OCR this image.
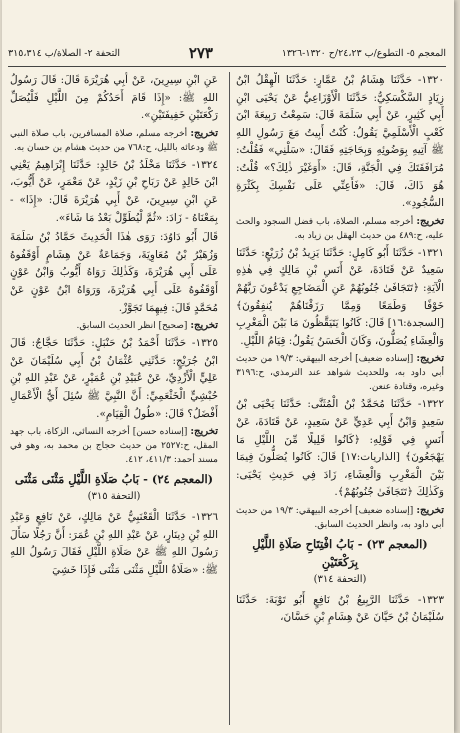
المعجم ٥- التطوع/ب ٢٤،٢٣/ح ١٣٢٠-١٣٢٦
٢٧٣
التحفة ٢- الصلاة/ب ٣١٥،٣١٤

١٣٢٠- حَدَّثَنَا هِشَامُ بْنُ عَمَّارٍ: حَدَّثَنَا الْهِقْلُ ابْنُ زِيَادٍ السَّكْسَكِيُّ: حَدَّثَنَا الْأَوْزَاعِيُّ عَنْ يَحْيَى ابْنِ أَبِي كَثِيرٍ، عَنْ أَبِي سَلَمَةَ قَالَ: سَمِعْتُ رَبِيعَةَ ابْنَ كَعْبٍ الْأَسْلَمِيَّ يَقُولُ: كُنْتُ أَبِيتُ مَعَ رَسُولِ اللهِ ﷺ آتِيهِ بِوَضُوئِهِ وَبِحَاجَتِهِ فَقَالَ: «سَلْنِي» فَقُلْتُ: مُرَافَقَتَكَ فِي الْجَنَّةِ، قَالَ: «أَوَغَيْرَ ذٰلِكَ؟» قُلْتُ: هُوَ ذَاكَ، قَالَ: «فَأَعِنِّي عَلَى نَفْسِكَ بِكَثْرَةِ السُّجُودِ».

تخريج: أخرجه مسلم، الصلاة، باب فضل السجود والحث عليه، ح:٤٨٩ من حديث الهقل بن زياد به.

١٣٢١- حَدَّثَنَا أَبُو كَامِلٍ: حَدَّثَنَا يَزِيدُ بْنُ زُرَيْعٍ: حَدَّثَنَا سَعِيدٌ عَنْ قَتَادَةَ، عَنْ أَنَسِ بْنِ مَالِكٍ فِي هٰذِهِ الْآيَةِ: ﴿تَتَجَافَىٰ جُنُوبُهُمْ عَنِ الْمَضَاجِعِ يَدْعُونَ رَبَّهُمْ خَوْفًا وَطَمَعًا وَمِمَّا رَزَقْنَاهُمْ يُنفِقُونَ﴾ [السجدة:١٦] قَالَ: كَانُوا يَتَيَقَّظُونَ مَا بَيْنَ الْمَغْرِبِ وَالْعِشَاءِ يُصَلُّونَ، وَكَانَ الْحَسَنُ يَقُولُ: قِيَامُ اللَّيْلِ.

تخريج: [إسناده ضعيف] أخرجه البيهقي: ١٩/٣ من حديث أبي داود به، وللحديث شواهد عند الترمذي، ح:٣١٩٦ وغيره، وقتادة عنعن.

١٣٢٢- حَدَّثَنَا مُحَمَّدُ بْنُ الْمُثَنَّى: حَدَّثَنَا يَحْيَى بْنُ سَعِيدٍ وَابْنُ أَبِي عَدِيٍّ عَنْ سَعِيدٍ، عَنْ قَتَادَةَ، عَنْ أَنَسٍ فِي قَوْلِهِ: ﴿كَانُوا قَلِيلًا مِّنَ اللَّيْلِ مَا يَهْجَعُونَ﴾ [الذاريات:١٧] قَالَ: كَانُوا يُصَلُّونَ فِيمَا بَيْنَ الْمَغْرِبِ وَالْعِشَاءِ، زَادَ فِي حَدِيثِ يَحْيَى: وَكَذٰلِكَ ﴿تَتَجَافَىٰ جُنُوبُهُمْ﴾.

تخريج: [إسناده ضعيف] أخرجه البيهقي: ١٩/٣ من حديث أبي داود به، وانظر الحديث السابق.

(المعجم ٢٣) - بَابُ افْتِتَاحِ صَلَاةِ اللَّيْلِ بِرَكْعَتَيْنِ
(التحفة ٣١٤)

١٣٢٣- حَدَّثَنَا الرَّبِيعُ بْنُ نَافِعٍ أَبُو تَوْبَةَ: حَدَّثَنَا سُلَيْمَانُ بْنُ حَيَّانَ عَنْ هِشَامِ بْنِ حَسَّانَ،

عَنِ ابْنِ سِيرِينَ، عَنْ أَبِي هُرَيْرَةَ قَالَ: قَالَ رَسُولُ اللهِ ﷺ: «إِذَا قَامَ أَحَدُكُمْ مِنَ اللَّيْلِ فَلْيُصَلِّ رَكْعَتَيْنِ خَفِيفَتَيْنِ».

تخريج: أخرجه مسلم، صلاة المسافرين، باب صلاة النبي ﷺ ودعائه بالليل، ح:٧٦٨ من حديث هشام بن حسان به.

١٣٢٤- حَدَّثَنَا مَخْلَدُ بْنُ خَالِدٍ: حَدَّثَنَا إِبْرَاهِيمُ يَعْنِي ابْنَ خَالِدٍ عَنْ رَبَاحِ بْنِ زَيْدٍ، عَنْ مَعْمَرٍ، عَنْ أَيُّوبَ، عَنِ ابْنِ سِيرِينَ، عَنْ أَبِي هُرَيْرَةَ قَالَ: «إِذَا» - بِمَعْنَاهُ - زَادَ: «ثُمَّ لْيُطَوِّلْ بَعْدُ مَا شَاءَ».

قَالَ أَبُو دَاوُدَ: رَوَى هٰذَا الْحَدِيثَ حَمَّادُ بْنُ سَلَمَةَ وَزُهَيْرُ بْنُ مُعَاوِيَةَ، وَجَمَاعَةٌ عَنْ هِشَامٍ أَوْقَفُوهُ عَلَى أَبِي هُرَيْرَةَ، وَكَذٰلِكَ رَوَاهُ أَيُّوبُ وَابْنُ عَوْنٍ أَوْقَفُوهُ عَلَى أَبِي هُرَيْرَةَ، وَرَوَاهُ ابْنُ عَوْنٍ عَنْ مُحَمَّدٍ قَالَ: فِيهِمَا تَجَوَّزْ.

تخريج: [صحيح] انظر الحديث السابق.

١٣٢٥- حَدَّثَنَا أَحْمَدُ بْنُ حَنْبَلٍ: حَدَّثَنَا حَجَّاجٌ: قَالَ ابْنُ جُرَيْجٍ: حَدَّثَنِي عُثْمَانُ بْنُ أَبِي سُلَيْمَانَ عَنْ عَلِيٍّ الْأَزْدِيِّ، عَنْ عُبَيْدِ بْنِ عُمَيْرٍ، عَنْ عَبْدِ اللهِ بْنِ حُبْشِيٍّ الْخَثْعَمِيِّ: أَنَّ النَّبِيَّ ﷺ سُئِلَ أَيُّ الْأَعْمَالِ أَفْضَلُ؟ قَالَ: «طُولُ الْقِيَامِ».

تخريج: [إسناده حسن] أخرجه النسائي، الزكاة، باب جهد المقل، ح:٢٥٢٧ من حديث حجاج بن محمد به، وهو في مسند أحمد: ٤١١/٣، ٤١٢.

(المعجم ٢٤) - بَابُ صَلَاةِ اللَّيْلِ مَثْنَى مَثْنَى
(التحفة ٣١٥)

١٣٢٦- حَدَّثَنَا الْقَعْنَبِيُّ عَنْ مَالِكٍ، عَنْ نَافِعٍ وَعَبْدِ اللهِ بْنِ دِينَارٍ، عَنْ عَبْدِ اللهِ بْنِ عُمَرَ: أَنَّ رَجُلًا سَأَلَ رَسُولَ اللهِ ﷺ عَنْ صَلَاةِ اللَّيْلِ فَقَالَ رَسُولُ اللهِ ﷺ: «صَلَاةُ اللَّيْلِ مَثْنَى مَثْنَى فَإِذَا خَشِيَ
